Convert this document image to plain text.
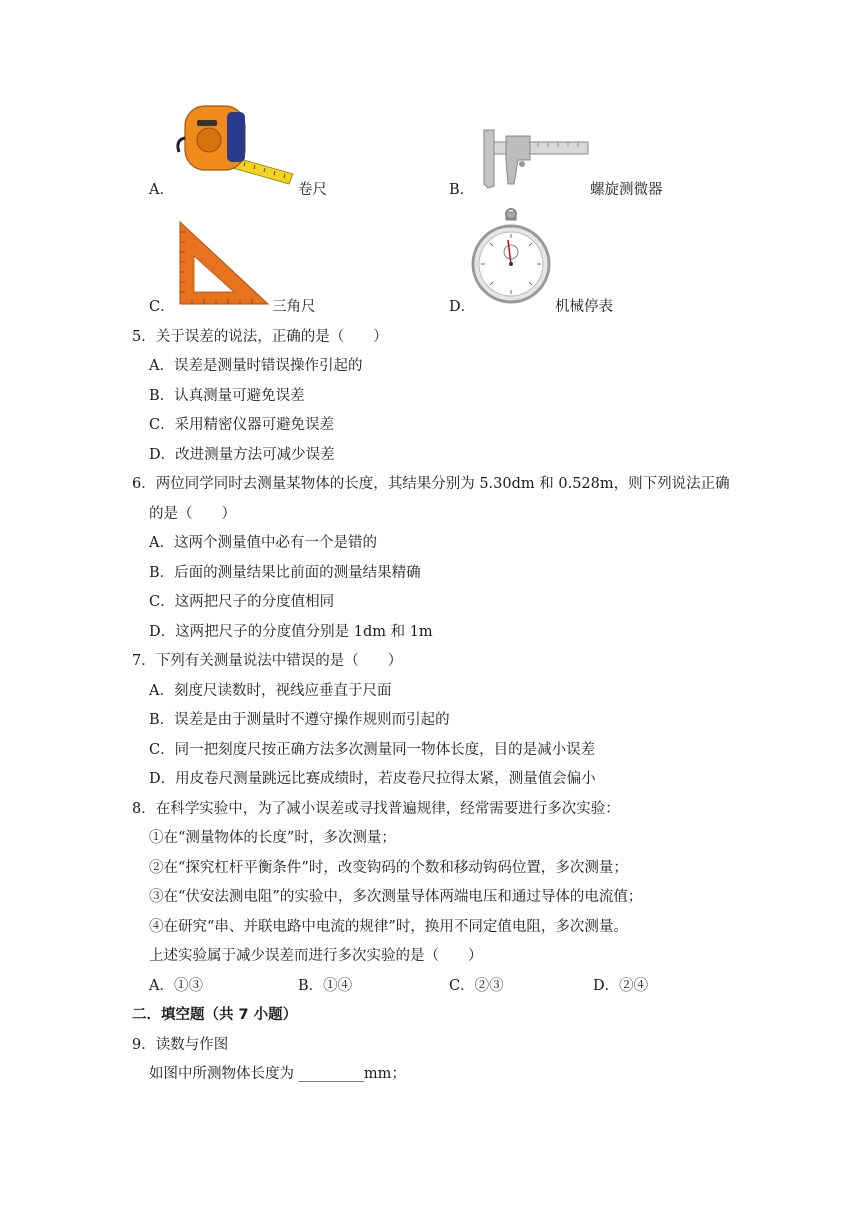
A．	卷尺	B．	螺旋测微器
C．	三角尺	D．	机械停表
5．关于误差的说法，正确的是（　　）
A．误差是测量时错误操作引起的
B．认真测量可避免误差
C．采用精密仪器可避免误差
D．改进测量方法可减少误差
6．两位同学同时去测量某物体的长度，其结果分别为 5.30dm 和 0.528m，则下列说法正确
的是（　　）
A．这两个测量值中必有一个是错的
B．后面的测量结果比前面的测量结果精确
C．这两把尺子的分度值相同
D．这两把尺子的分度值分别是 1dm 和 1m
7．下列有关测量说法中错误的是（　　）
A．刻度尺读数时，视线应垂直于尺面
B．误差是由于测量时不遵守操作规则而引起的
C．同一把刻度尺按正确方法多次测量同一物体长度，目的是减小误差
D．用皮卷尺测量跳远比赛成绩时，若皮卷尺拉得太紧，测量值会偏小
8．在科学实验中，为了减小误差或寻找普遍规律，经常需要进行多次实验：
①在“测量物体的长度”时，多次测量；
②在“探究杠杆平衡条件”时，改变钩码的个数和移动钩码位置，多次测量；
③在“伏安法测电阻”的实验中，多次测量导体两端电压和通过导体的电流值；
④在研究“串、并联电路中电流的规律”时，换用不同定值电阻，多次测量。
上述实验属于减少误差而进行多次实验的是（　　）
A．①③	B．①④	C．②③	D．②④
二．填空题（共 7 小题）
9．读数与作图
如图中所测物体长度为 _________mm；
